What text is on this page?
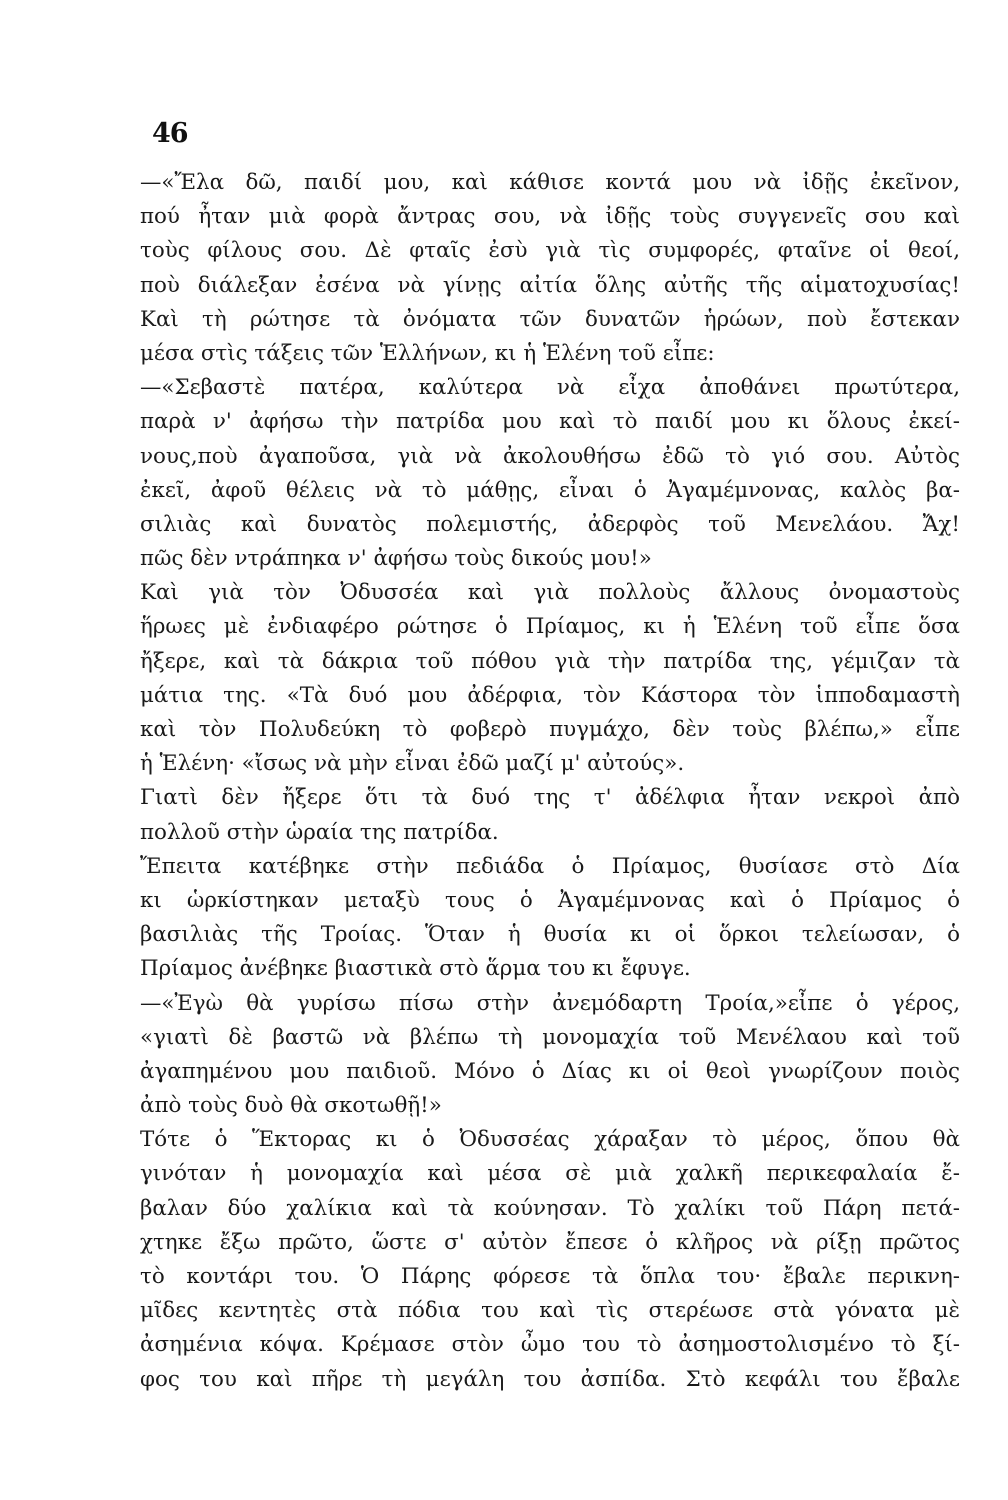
46
—«Ἔλα δῶ, παιδί μου, καὶ κάθισε κοντά μου νὰ ἰδῇς ἐκεῖνον,
πού ἦταν μιὰ φορὰ ἄντρας σου, νὰ ἰδῇς τοὺς συγγενεῖς σου καὶ
τοὺς φίλους σου. Δὲ φταῖς ἐσὺ γιὰ τὶς συμφορές, φταῖνε οἱ θεοί,
ποὺ διάλεξαν ἐσένα νὰ γίνῃς αἰτία ὅλης αὐτῆς τῆς αἱματοχυσίας!
Καὶ τὴ ρώτησε τὰ ὀνόματα τῶν δυνατῶν ἡρώων, ποὺ ἔστεκαν
μέσα στὶς τάξεις τῶν Ἑλλήνων, κι ἡ Ἑλένη τοῦ εἶπε:
—«Σεβαστὲ πατέρα, καλύτερα νὰ εἶχα ἀποθάνει πρωτύτερα,
παρὰ ν' ἀφήσω τὴν πατρίδα μου καὶ τὸ παιδί μου κι ὅλους ἐκεί-
νους,ποὺ ἀγαποῦσα, γιὰ νὰ ἀκολουθήσω ἐδῶ τὸ γιό σου. Αὐτὸς
ἐκεῖ, ἀφοῦ θέλεις νὰ τὸ μάθῃς, εἶναι ὁ Ἀγαμέμνονας, καλὸς βα-
σιλιὰς καὶ δυνατὸς πολεμιστής, ἀδερφὸς τοῦ Μενελάου. Ἄχ!
πῶς δὲν ντράπηκα ν' ἀφήσω τοὺς δικούς μου!»
Καὶ γιὰ τὸν Ὀδυσσέα καὶ γιὰ πολλοὺς ἄλλους ὀνομαστοὺς
ἥρωες μὲ ἐνδιαφέρο ρώτησε ὁ Πρίαμος, κι ἡ Ἑλένη τοῦ εἶπε ὅσα
ἤξερε, καὶ τὰ δάκρια τοῦ πόθου γιὰ τὴν πατρίδα της, γέμιζαν τὰ
μάτια της. «Τὰ δυό μου ἀδέρφια, τὸν Κάστορα τὸν ἱπποδαμαστὴ
καὶ τὸν Πολυδεύκη τὸ φοβερὸ πυγμάχο, δὲν τοὺς βλέπω,» εἶπε
ἡ Ἑλένη· «ἴσως νὰ μὴν εἶναι ἐδῶ μαζί μ' αὐτούς».
Γιατὶ δὲν ἤξερε ὅτι τὰ δυό της τ' ἀδέλφια ἦταν νεκροὶ ἀπὸ
πολλοῦ στὴν ὡραία της πατρίδα.
Ἔπειτα κατέβηκε στὴν πεδιάδα ὁ Πρίαμος, θυσίασε στὸ Δία
κι ὡρκίστηκαν μεταξὺ τους ὁ Ἀγαμέμνονας καὶ ὁ Πρίαμος ὁ
βασιλιὰς τῆς Τροίας. Ὅταν ἡ θυσία κι οἱ ὅρκοι τελείωσαν, ὁ
Πρίαμος ἀνέβηκε βιαστικὰ στὸ ἅρμα του κι ἔφυγε.
—«Ἐγὼ θὰ γυρίσω πίσω στὴν ἀνεμόδαρτη Τροία,»εἶπε ὁ γέρος,
«γιατὶ δὲ βαστῶ νὰ βλέπω τὴ μονομαχία τοῦ Μενέλαου καὶ τοῦ
ἀγαπημένου μου παιδιοῦ. Μόνο ὁ Δίας κι οἱ θεοὶ γνωρίζουν ποιὸς
ἀπὸ τοὺς δυὸ θὰ σκοτωθῇ!»
Τότε ὁ Ἕκτορας κι ὁ Ὀδυσσέας χάραξαν τὸ μέρος, ὅπου θὰ
γινόταν ἡ μονομαχία καὶ μέσα σὲ μιὰ χαλκῆ περικεφαλαία ἔ-
βαλαν δύο χαλίκια καὶ τὰ κούνησαν. Τὸ χαλίκι τοῦ Πάρη πετά-
χτηκε ἔξω πρῶτο, ὥστε σ' αὐτὸν ἔπεσε ὁ κλῆρος νὰ ρίξῃ πρῶτος
τὸ κοντάρι του. Ὁ Πάρης φόρεσε τὰ ὅπλα του· ἔβαλε περικνη-
μῖδες κεντητὲς στὰ πόδια του καὶ τὶς στερέωσε στὰ γόνατα μὲ
ἀσημένια κόψα. Κρέμασε στὸν ὦμο του τὸ ἀσημοστολισμένο τὸ ξί-
φος του καὶ πῆρε τὴ μεγάλη του ἀσπίδα. Στὸ κεφάλι του ἔβαλε
